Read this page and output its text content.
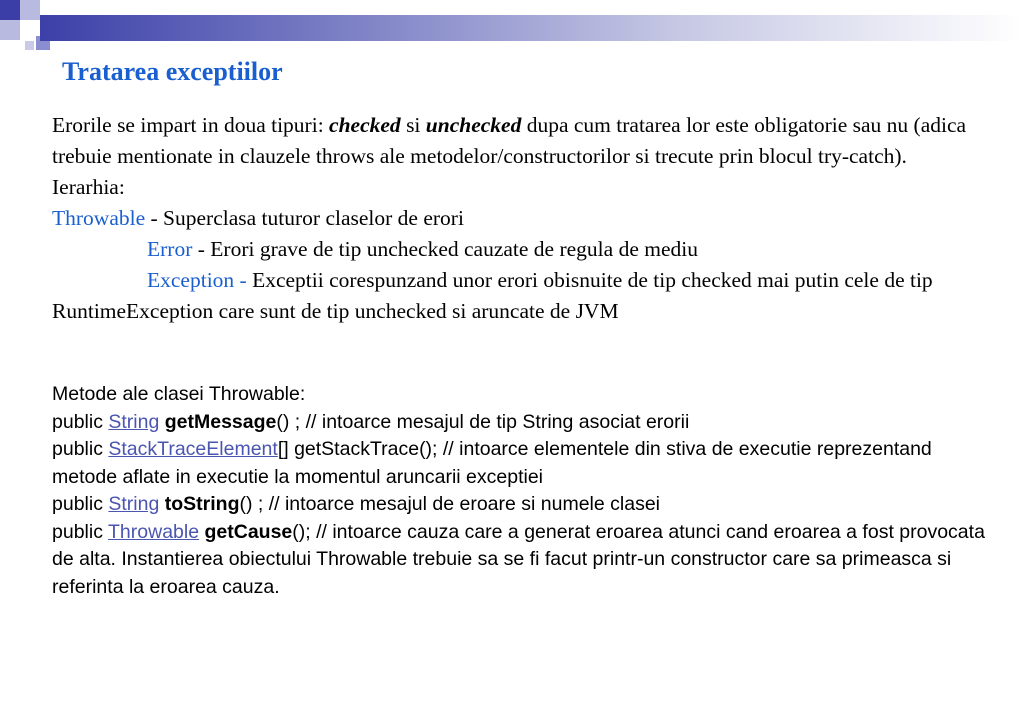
Tratarea exceptiilor

Erorile se impart in doua tipuri: checked si unchecked dupa cum tratarea lor este obligatorie sau nu (adica trebuie mentionate in clauzele throws ale metodelor/constructorilor si trecute prin blocul try-catch).

Ierarhia:

Throwable - Superclasa tuturor claselor de erori

Error - Erori grave de tip unchecked cauzate de regula de mediu

Exception - Exceptii corespunzand unor erori obisnuite de tip checked mai putin cele de tip RuntimeException care sunt de tip unchecked si aruncate de JVM

Metode ale clasei Throwable:

public String getMessage() ; // intoarce mesajul de tip String asociat erorii

public StackTraceElement[] getStackTrace(); // intoarce elementele din stiva de executie reprezentand metode aflate in executie la momentul aruncarii exceptiei

public String toString() ; // intoarce mesajul de eroare si numele clasei

public Throwable getCause(); // intoarce cauza care a generat eroarea atunci cand eroarea a fost provocata de alta. Instantierea obiectului Throwable trebuie sa se fi facut printr-un constructor care sa primeasca si referinta la eroarea cauza.
